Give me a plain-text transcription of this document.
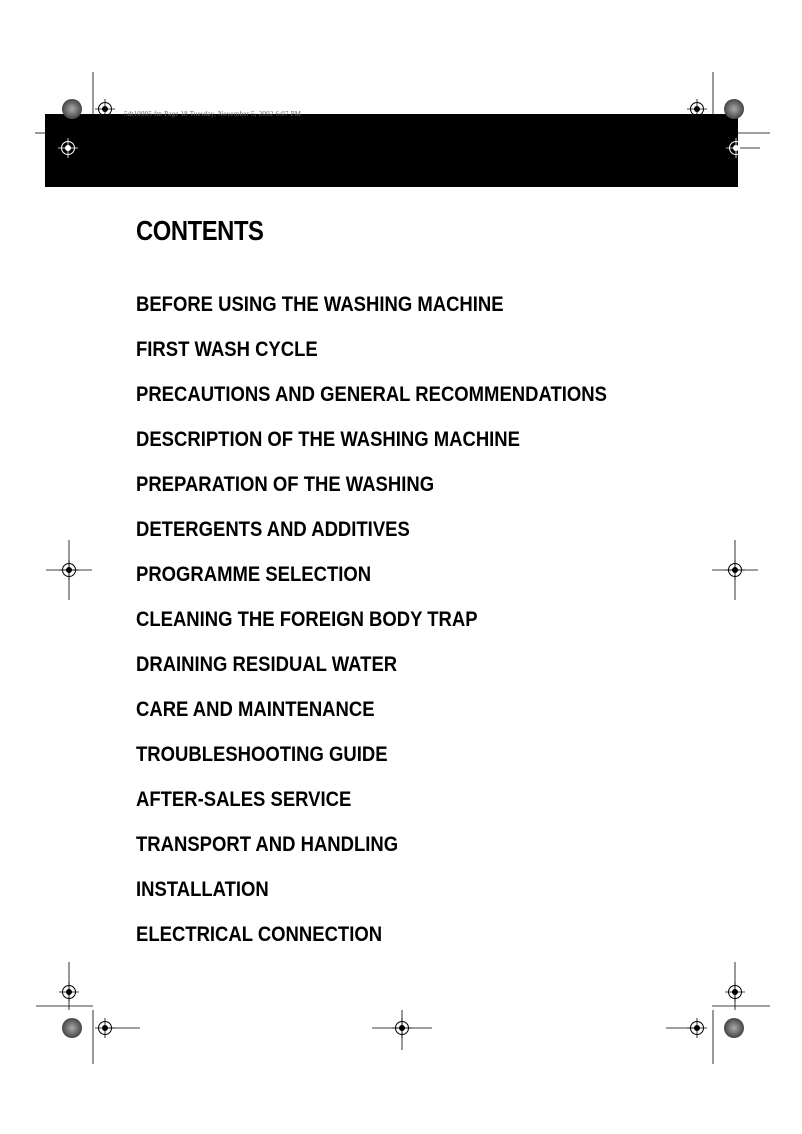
5dt10005 fm Page 18 Tuesday, November 5, 2002 6:07 PM
CONTENTS
BEFORE USING THE WASHING MACHINE
FIRST WASH CYCLE
PRECAUTIONS AND GENERAL RECOMMENDATIONS
DESCRIPTION OF THE WASHING MACHINE
PREPARATION OF THE WASHING
DETERGENTS AND ADDITIVES
PROGRAMME SELECTION
CLEANING THE FOREIGN BODY TRAP
DRAINING RESIDUAL WATER
CARE AND MAINTENANCE
TROUBLESHOOTING GUIDE
AFTER-SALES SERVICE
TRANSPORT AND HANDLING
INSTALLATION
ELECTRICAL CONNECTION
